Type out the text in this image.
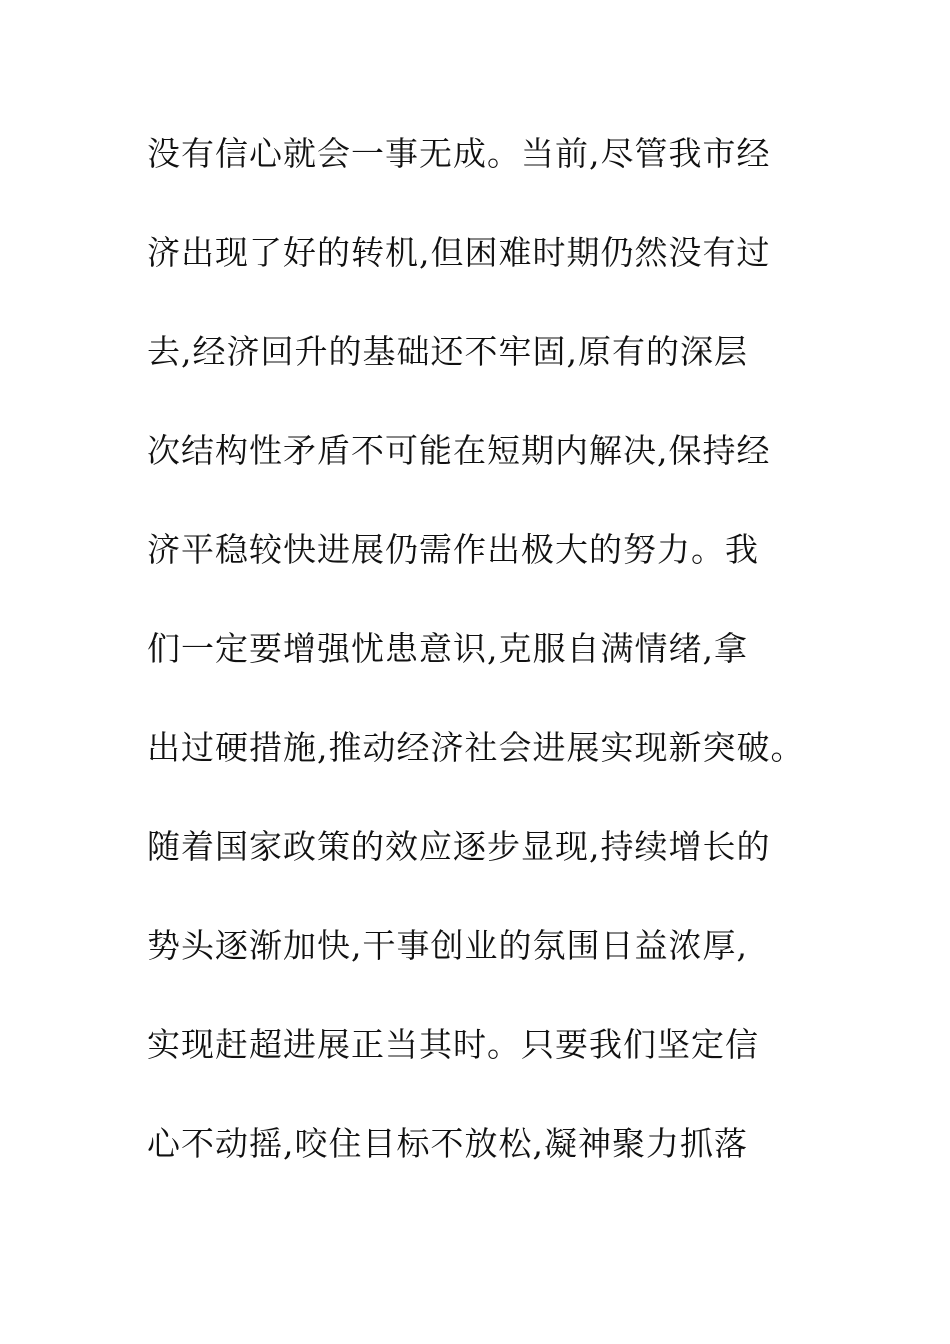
没有信心就会一事无成。当前,尽管我市经
济出现了好的转机,但困难时期仍然没有过
去,经济回升的基础还不牢固,原有的深层
次结构性矛盾不可能在短期内解决,保持经
济平稳较快进展仍需作出极大的努力。我
们一定要增强忧患意识,克服自满情绪,拿
出过硬措施,推动经济社会进展实现新突破。
随着国家政策的效应逐步显现,持续增长的
势头逐渐加快,干事创业的氛围日益浓厚,
实现赶超进展正当其时。只要我们坚定信
心不动摇,咬住目标不放松,凝神聚力抓落
